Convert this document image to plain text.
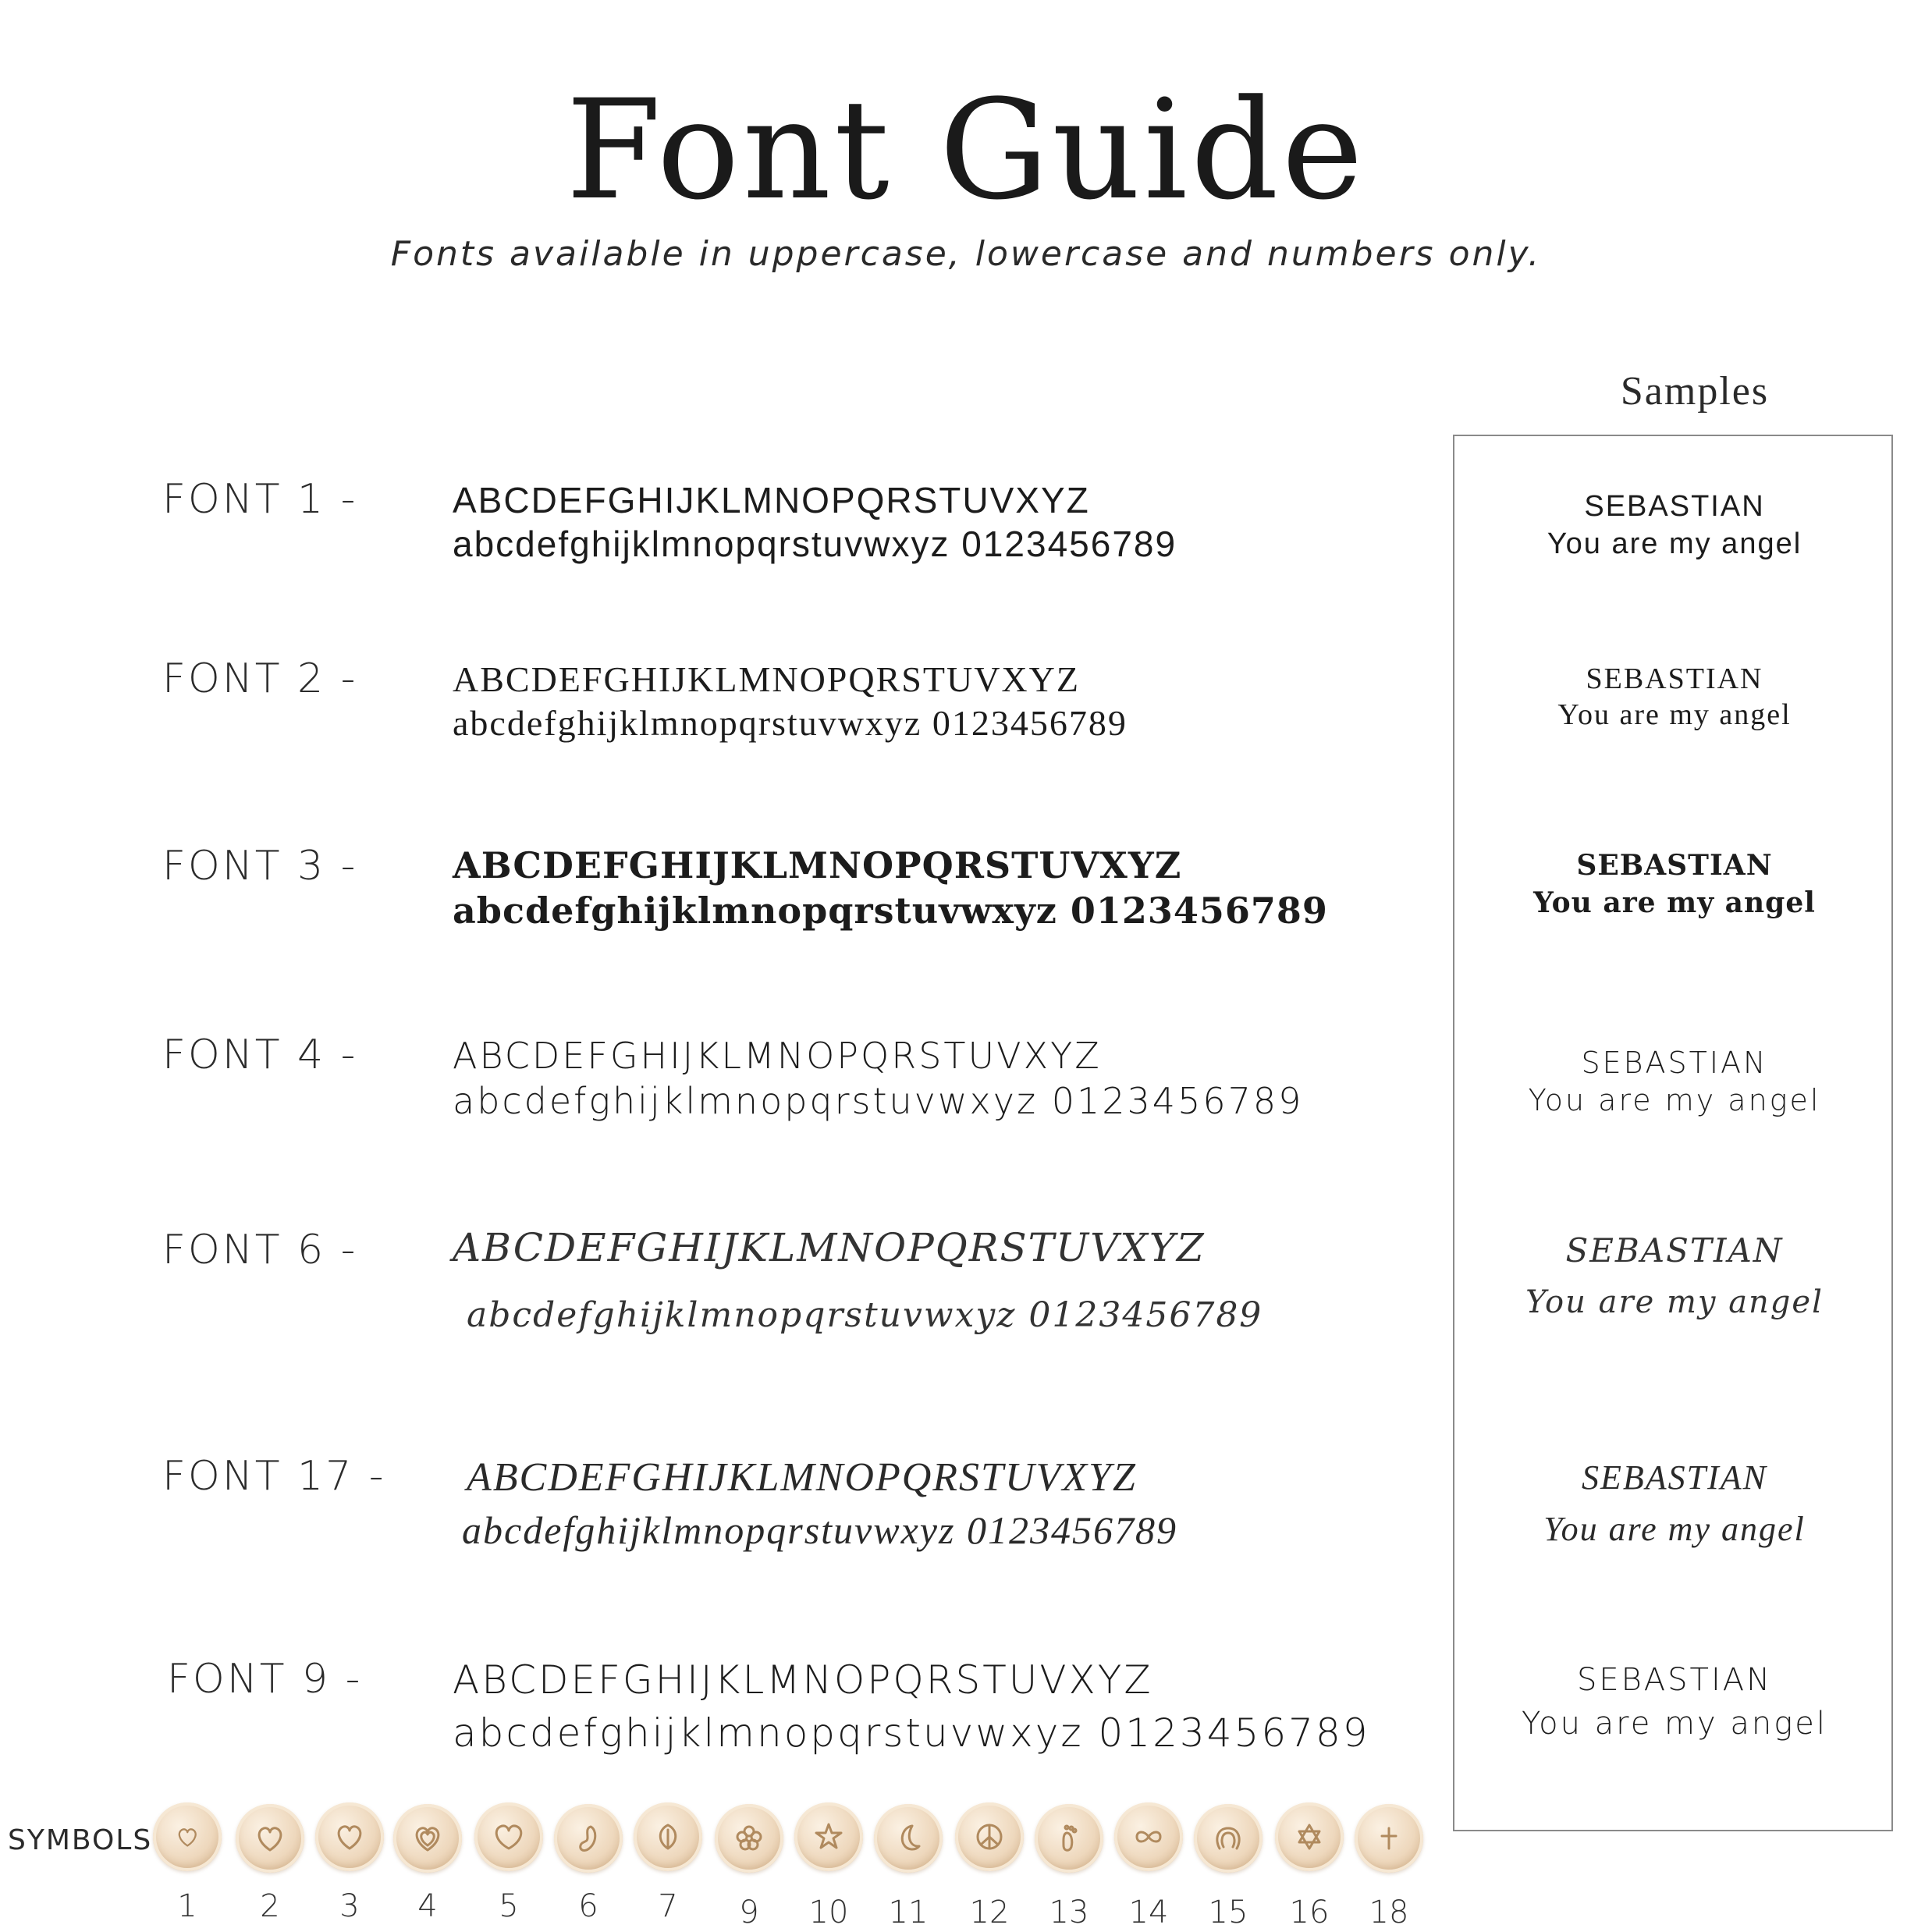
Font Guide
Fonts available in uppercase, lowercase and numbers only.
Samples
FONT 1 -	ABCDEFGHIJKLMNOPQRSTUVXYZ
abcdefghijklmnopqrstuvwxyz 0123456789
SEBASTIAN
You are my angel
FONT 2 -	ABCDEFGHIJKLMNOPQRSTUVXYZ
abcdefghijklmnopqrstuvwxyz 0123456789
SEBASTIAN
You are my angel
FONT 3 -	ABCDEFGHIJKLMNOPQRSTUVXYZ
abcdefghijklmnopqrstuvwxyz 0123456789
SEBASTIAN
You are my angel
FONT 4 -	ABCDEFGHIJKLMNOPQRSTUVXYZ
abcdefghijklmnopqrstuvwxyz 0123456789
SEBASTIAN
You are my angel
FONT 6 - ABCDEFGHIJKLMNOPQRSTUVXYZ
abcdefghijklmnopqrstuvwxyz 0123456789
SEBASTIAN
You are my angel
FONT 17 - ABCDEFGHIJKLMNOPQRSTUVXYZ
abcdefghijklmnopqrstuvwxyz 0123456789
SEBASTIAN
You are my angel
FONT 9 - ABCDEFGHIJKLMNOPQRSTUVXYZ
abcdefghijklmnopqrstuvwxyz 0123456789
SEBASTIAN
You are my angel
SYMBOLS
1	2	3	4	5	6	7	9	10	11	12	13	14	15	16	18
